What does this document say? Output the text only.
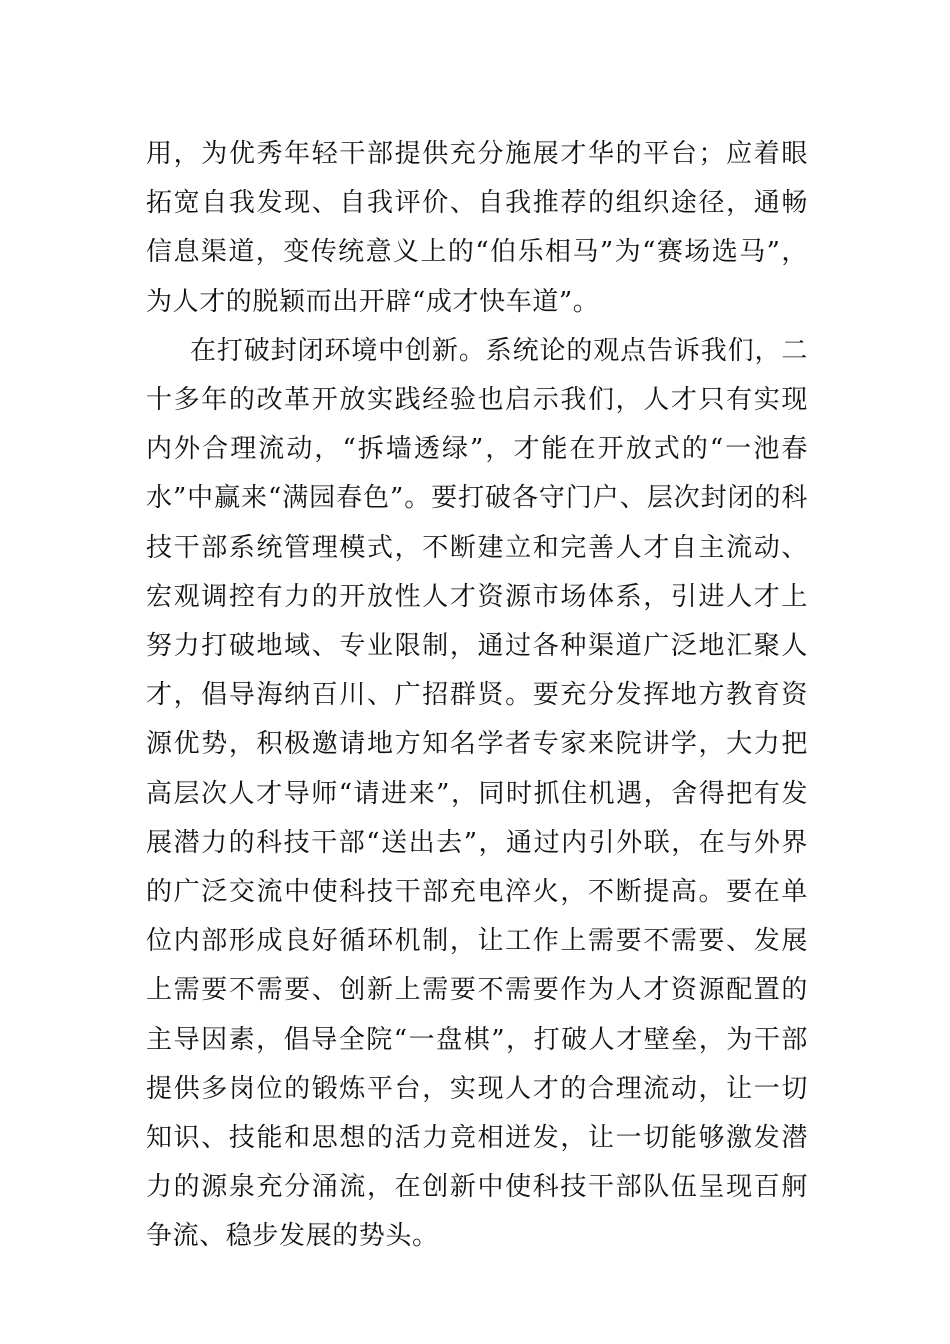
用，为优秀年轻干部提供充分施展才华的平台；应着眼拓宽自我发现、自我评价、自我推荐的组织途径，通畅信息渠道，变传统意义上的“伯乐相马”为“赛场选马”，为人才的脱颖而出开辟“成才快车道”。

在打破封闭环境中创新。系统论的观点告诉我们，二十多年的改革开放实践经验也启示我们，人才只有实现内外合理流动，“拆墙透绿”，才能在开放式的“一池春水”中赢来“满园春色”。要打破各守门户、层次封闭的科技干部系统管理模式，不断建立和完善人才自主流动、宏观调控有力的开放性人才资源市场体系，引进人才上努力打破地域、专业限制，通过各种渠道广泛地汇聚人才，倡导海纳百川、广招群贤。要充分发挥地方教育资源优势，积极邀请地方知名学者专家来院讲学，大力把高层次人才导师“请进来”，同时抓住机遇，舍得把有发展潜力的科技干部“送出去”，通过内引外联，在与外界的广泛交流中使科技干部充电淬火，不断提高。要在单位内部形成良好循环机制，让工作上需要不需要、发展上需要不需要、创新上需要不需要作为人才资源配置的主导因素，倡导全院“一盘棋”，打破人才壁垒，为干部提供多岗位的锻炼平台，实现人才的合理流动，让一切知识、技能和思想的活力竞相迸发，让一切能够激发潜力的源泉充分涌流，在创新中使科技干部队伍呈现百舸争流、稳步发展的势头。
